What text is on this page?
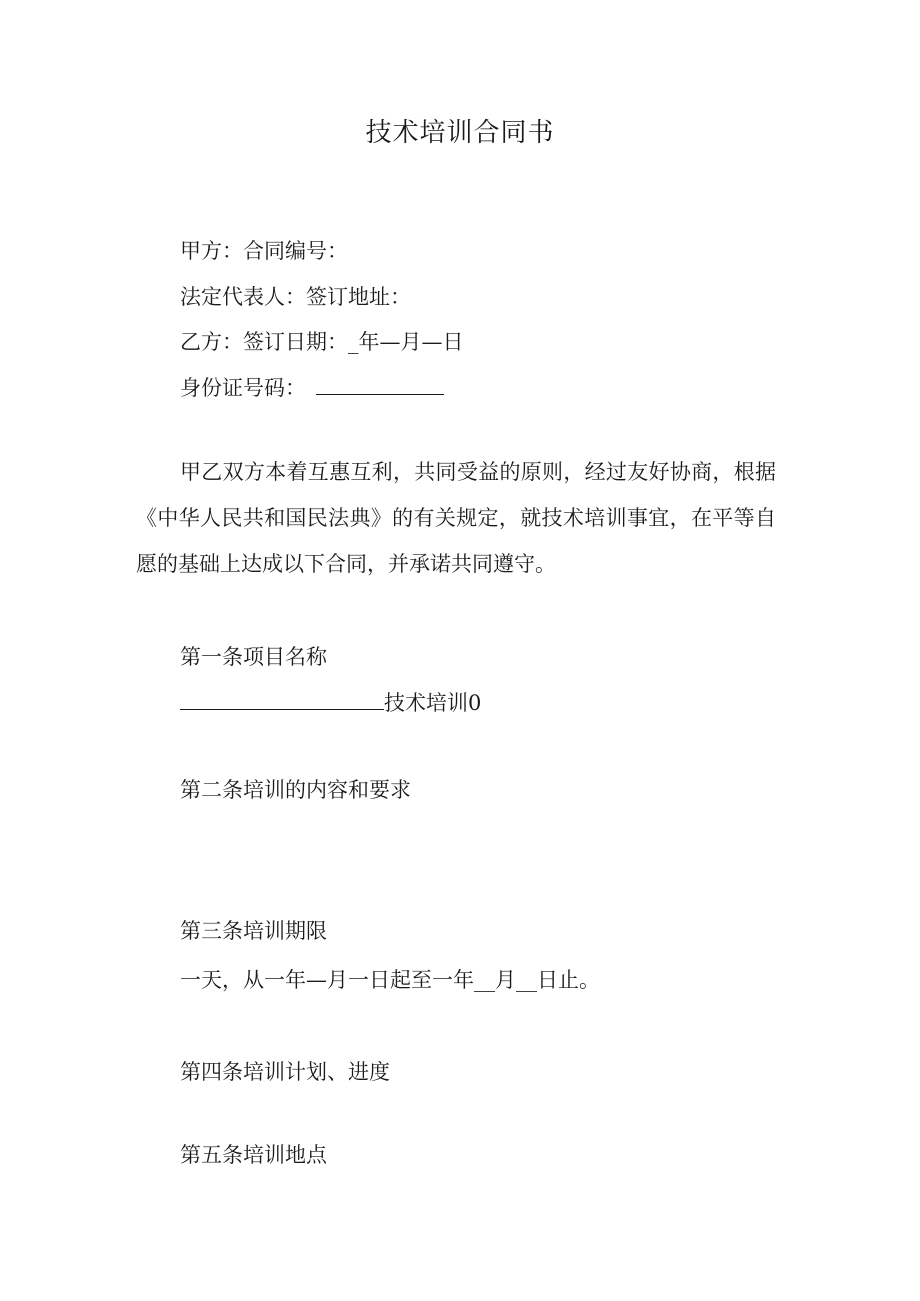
技术培训合同书
甲方：合同编号：
法定代表人：签订地址：
乙方：签订日期：_年—月—日
身份证号码：
甲乙双方本着互惠互利，共同受益的原则，经过友好协商，根据《中华人民共和国民法典》的有关规定，就技术培训事宜，在平等自愿的基础上达成以下合同，并承诺共同遵守。
第一条项目名称
技术培训0
第二条培训的内容和要求
第三条培训期限
一天，从一年—月一日起至一年__月__日止。
第四条培训计划、进度
第五条培训地点
